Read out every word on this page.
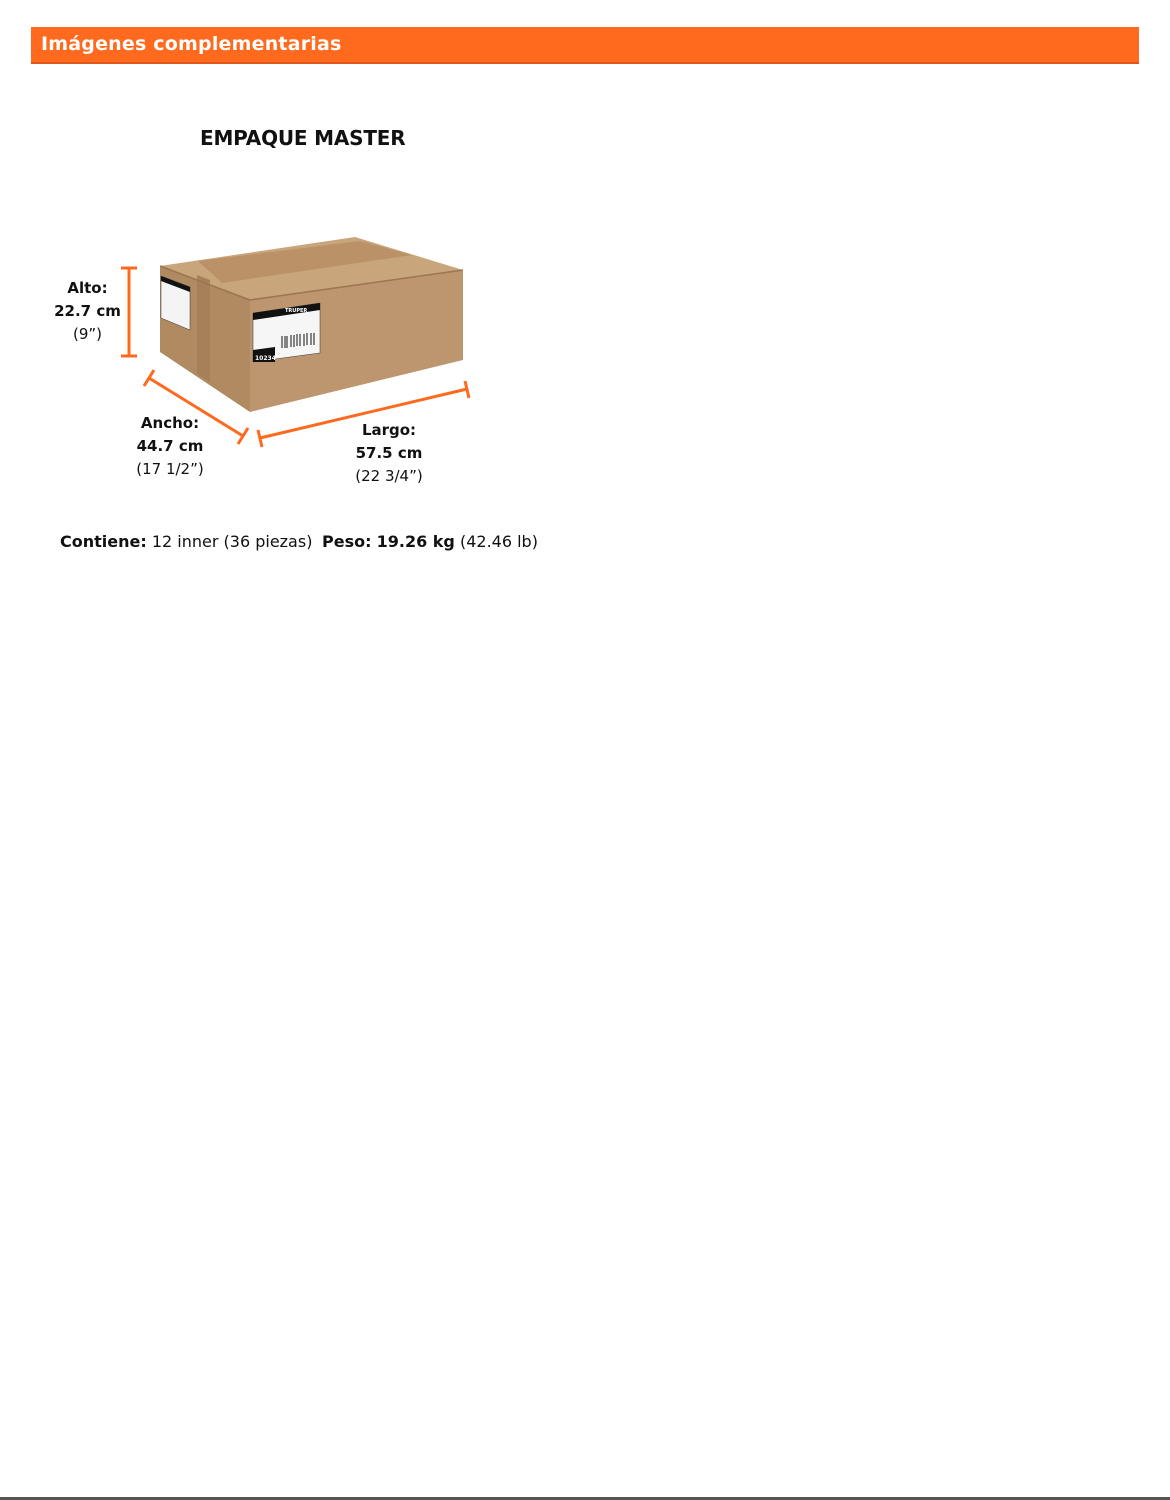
Imágenes complementarias
EMPAQUE MASTER
TRUPER
10234
Alto:
22.7 cm
(9”)
Ancho:
44.7 cm
(17 1/2”)
Largo:
57.5 cm
(22 3/4”)
Contiene: 12 inner (36 piezas) Peso: 19.26 kg (42.46 lb)
